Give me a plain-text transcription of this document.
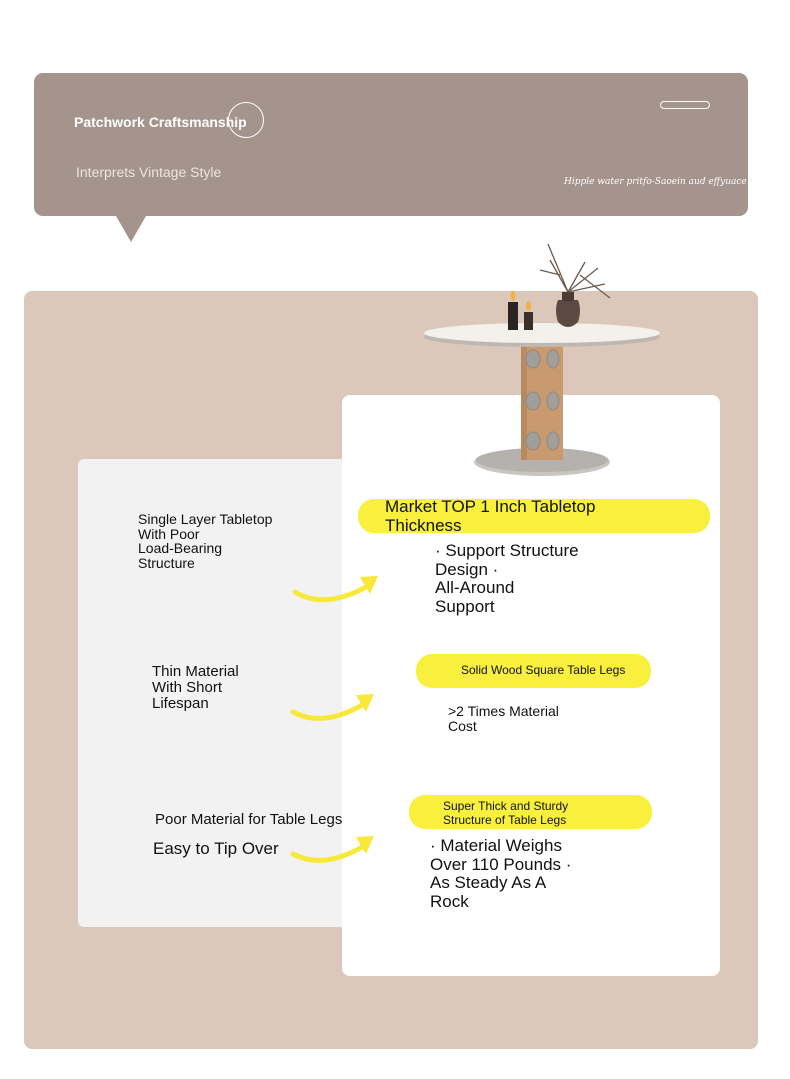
Patchwork Craftsmanship
Interprets Vintage Style
Hipple water pritfo-Saoein aud effyuace
Single Layer Tabletop
With Poor
Load-Bearing
Structure
Thin Material
With Short
Lifespan
Poor Material for Table Legs
Easy to Tip Over
Market TOP 1 Inch Tabletop Thickness
· Support Structure
Design ·
All-Around
Support
Solid Wood Square Table Legs
>2 Times Material
Cost
Super Thick and Sturdy
Structure of Table Legs
· Material Weighs
Over 110 Pounds ·
As Steady As A
Rock
